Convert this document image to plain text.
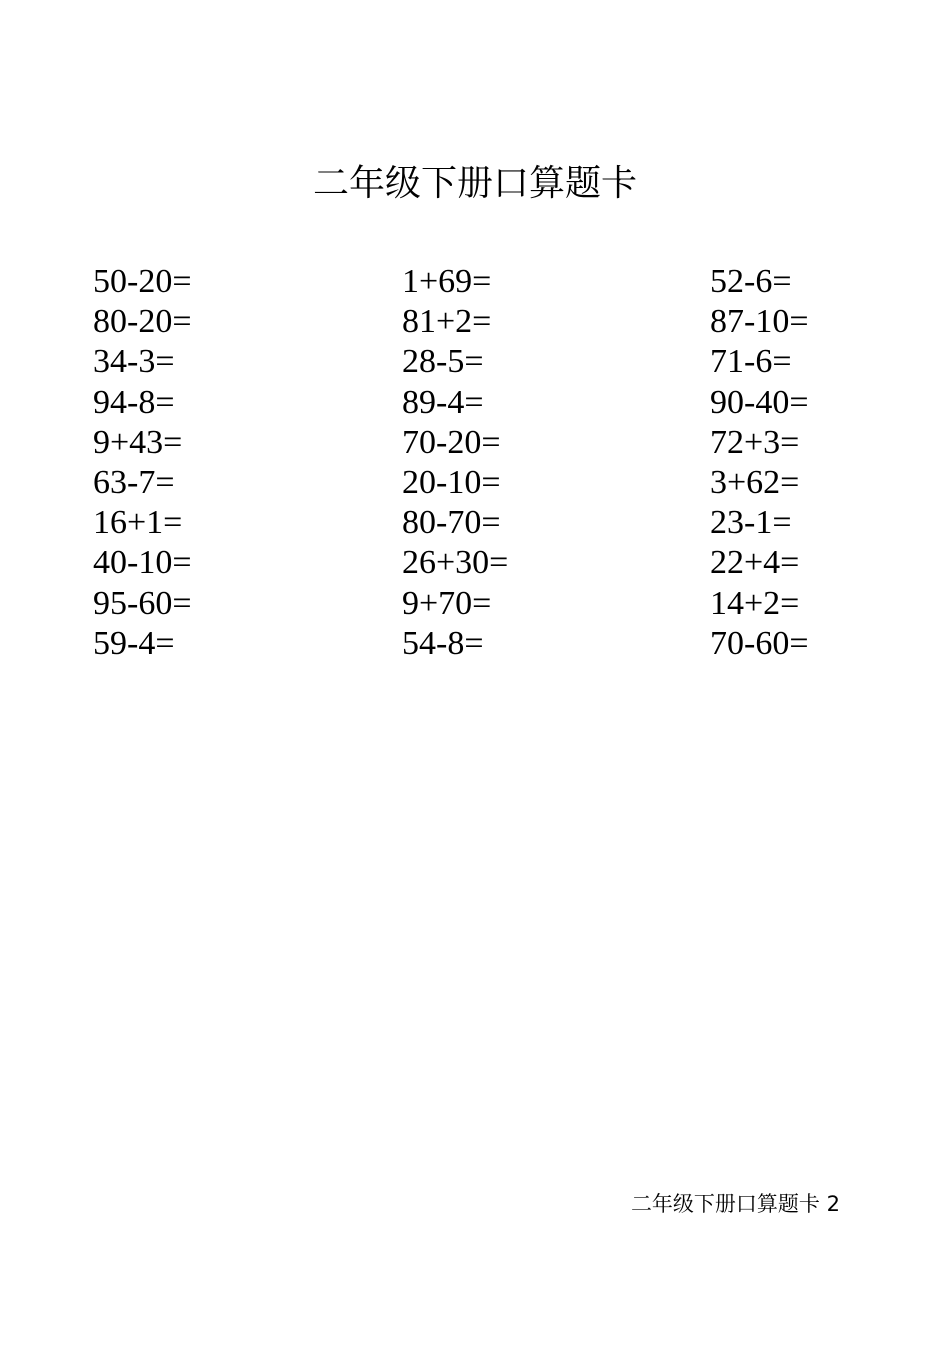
二年级下册口算题卡
50-20=
80-20=
34-3=
94-8=
9+43=
63-7=
16+1=
40-10=
95-60=
59-4=
1+69=
81+2=
28-5=
89-4=
70-20=
20-10=
80-70=
26+30=
9+70=
54-8=
52-6=
87-10=
71-6=
90-40=
72+3=
3+62=
23-1=
22+4=
14+2=
70-60=
二年级下册口算题卡 2
